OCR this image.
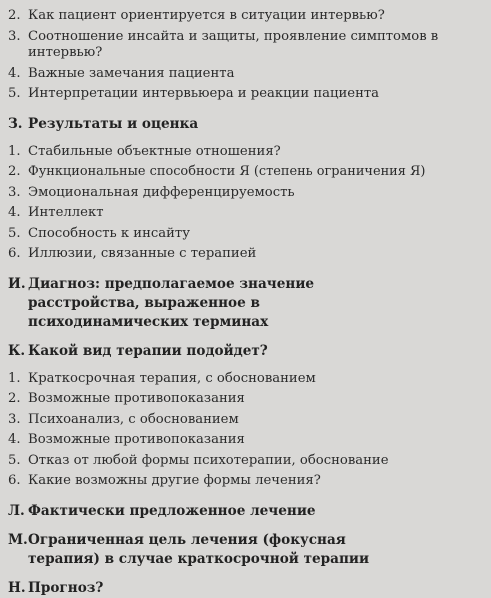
2. Как пациент ориентируется в ситуации интервью?
3. Соотношение инсайта и защиты, проявление симптомов в интервью?
4. Важные замечания пациента
5. Интерпретации интервьюера и реакции пациента
З. Результаты и оценка
1. Стабильные объектные отношения?
2. Функциональные способности Я (степень ограничения Я)
3. Эмоциональная дифференцируемость
4. Интеллект
5. Способность к инсайту
6. Иллюзии, связанные с терапией
И. Диагноз: предполагаемое значение расстройства, выраженное в психодинамических терминах
К. Какой вид терапии подойдет?
1. Краткосрочная терапия, с обоснованием
2. Возможные противопоказания
3. Психоанализ, с обоснованием
4. Возможные противопоказания
5. Отказ от любой формы психотерапии, обоснование
6. Какие возможны другие формы лечения?
Л. Фактически предложенное лечение
М. Ограниченная цель лечения (фокусная терапия) в случае краткосрочной терапии
Н. Прогноз?
